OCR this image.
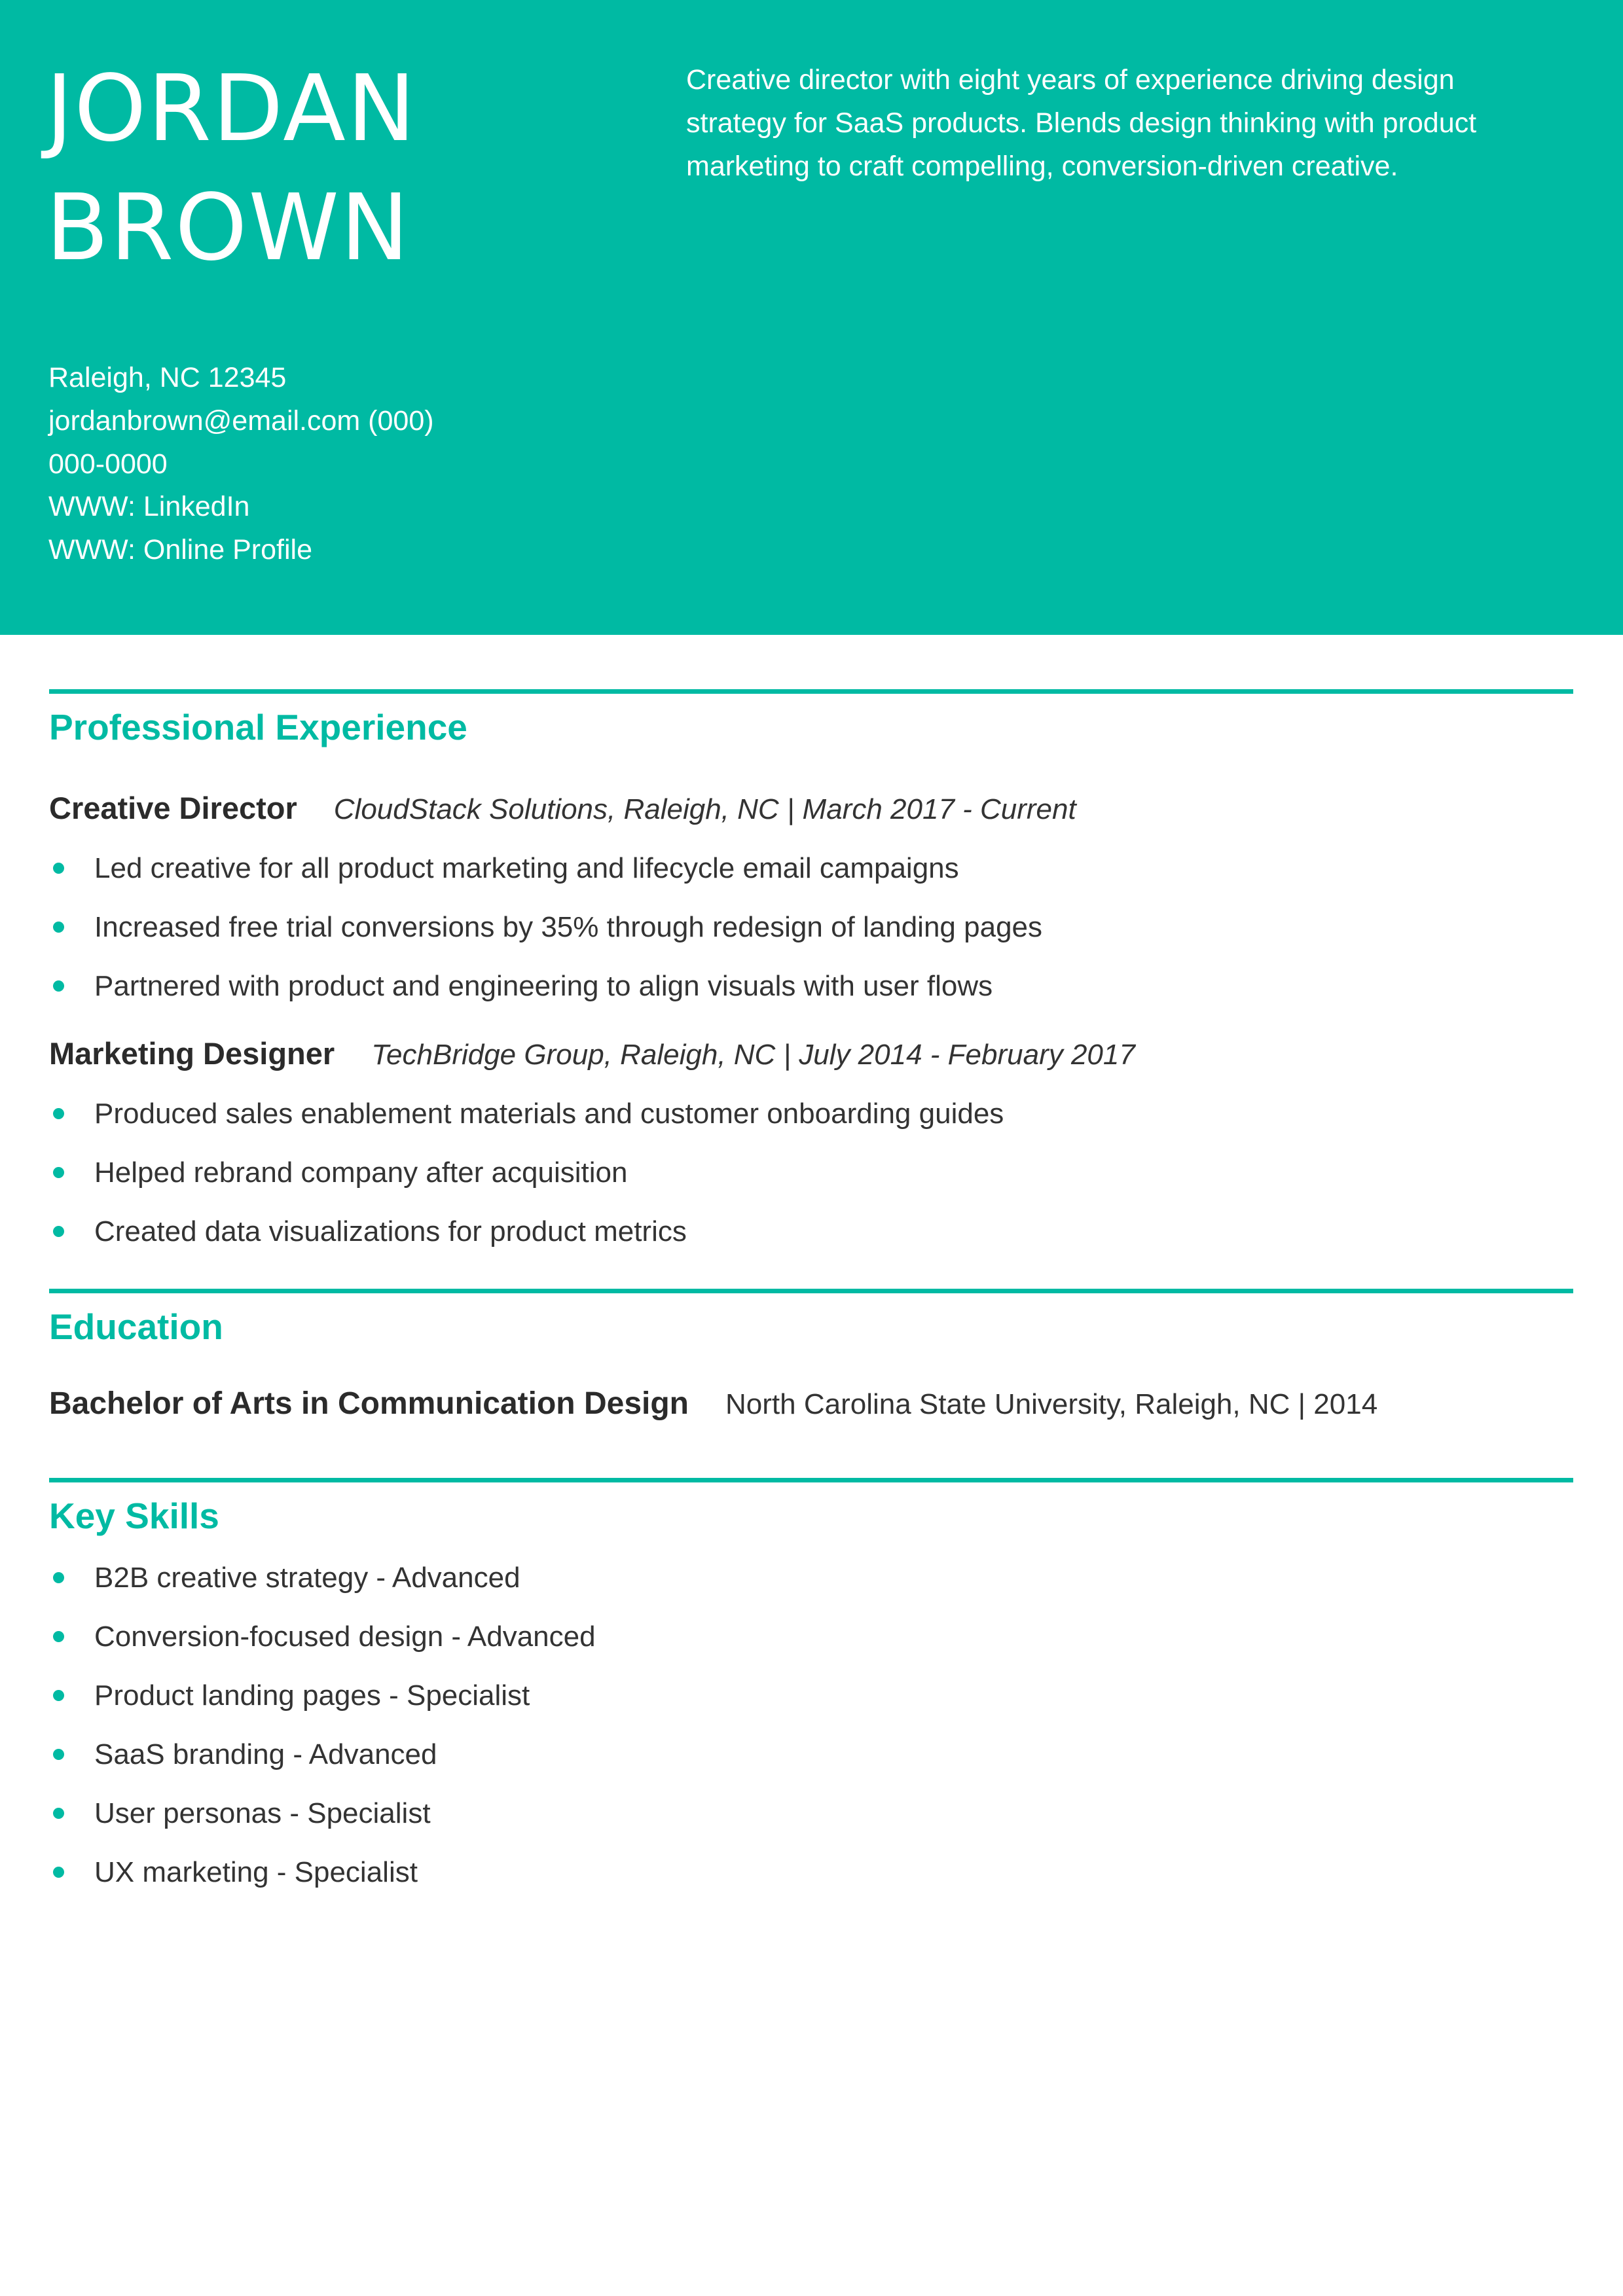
JORDAN BROWN
Creative director with eight years of experience driving design strategy for SaaS products. Blends design thinking with product marketing to craft compelling, conversion-driven creative.
Raleigh, NC 12345
jordanbrown@email.com (000)
000-0000
WWW: LinkedIn
WWW: Online Profile
Professional Experience
Creative Director CloudStack Solutions, Raleigh, NC | March 2017 - Current
Led creative for all product marketing and lifecycle email campaigns
Increased free trial conversions by 35% through redesign of landing pages
Partnered with product and engineering to align visuals with user flows
Marketing Designer TechBridge Group, Raleigh, NC | July 2014 - February 2017
Produced sales enablement materials and customer onboarding guides
Helped rebrand company after acquisition
Created data visualizations for product metrics
Education
Bachelor of Arts in Communication Design North Carolina State University, Raleigh, NC | 2014
Key Skills
B2B creative strategy - Advanced
Conversion-focused design - Advanced
Product landing pages - Specialist
SaaS branding - Advanced
User personas - Specialist
UX marketing - Specialist
